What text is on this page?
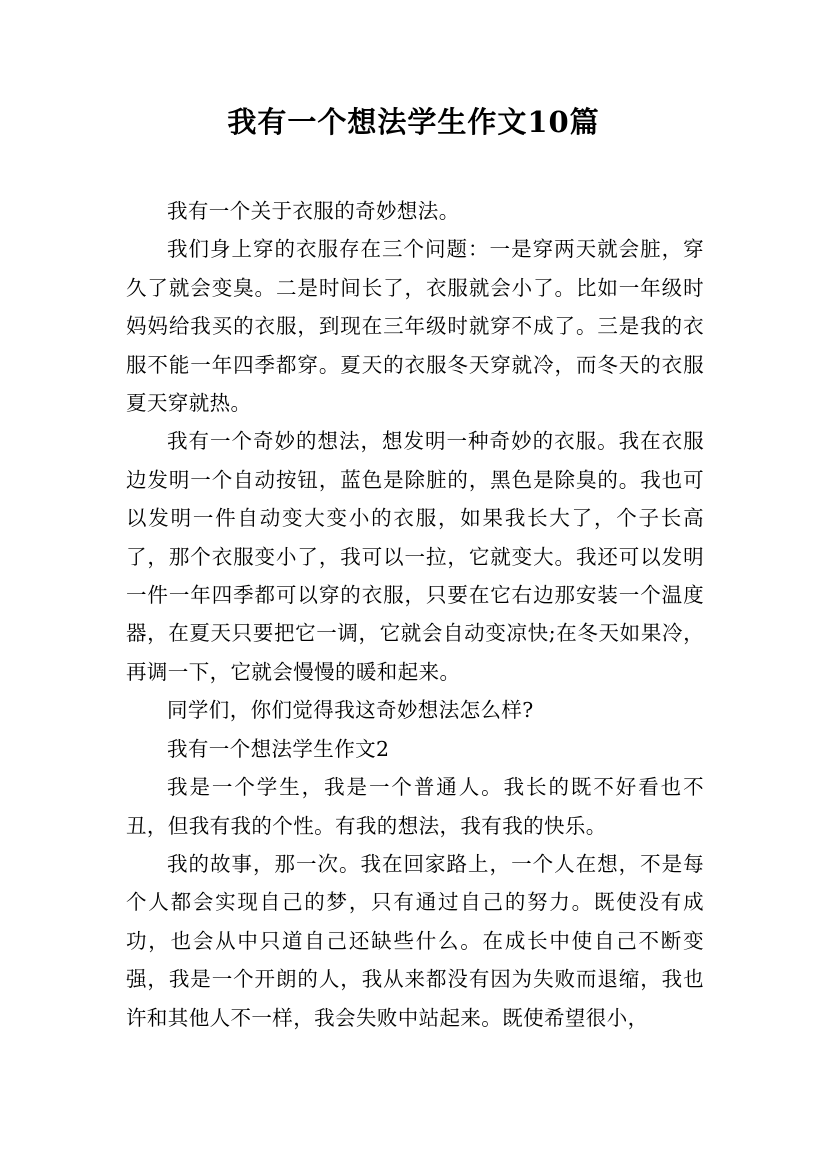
我有一个想法学生作文10篇

我有一个关于衣服的奇妙想法。

我们身上穿的衣服存在三个问题：一是穿两天就会脏，穿久了就会变臭。二是时间长了，衣服就会小了。比如一年级时妈妈给我买的衣服，到现在三年级时就穿不成了。三是我的衣服不能一年四季都穿。夏天的衣服冬天穿就冷，而冬天的衣服夏天穿就热。

我有一个奇妙的想法，想发明一种奇妙的衣服。我在衣服边发明一个自动按钮，蓝色是除脏的，黑色是除臭的。我也可以发明一件自动变大变小的衣服，如果我长大了，个子长高了，那个衣服变小了，我可以一拉，它就变大。我还可以发明一件一年四季都可以穿的衣服，只要在它右边那安装一个温度器，在夏天只要把它一调，它就会自动变凉快;在冬天如果冷，再调一下，它就会慢慢的暖和起来。

同学们，你们觉得我这奇妙想法怎么样?

我有一个想法学生作文2

我是一个学生，我是一个普通人。我长的既不好看也不丑，但我有我的个性。有我的想法，我有我的快乐。

我的故事，那一次。我在回家路上，一个人在想，不是每个人都会实现自己的梦，只有通过自己的努力。既使没有成功，也会从中只道自己还缺些什么。在成长中使自己不断变强，我是一个开朗的人，我从来都没有因为失败而退缩，我也许和其他人不一样，我会失败中站起来。既使希望很小，
